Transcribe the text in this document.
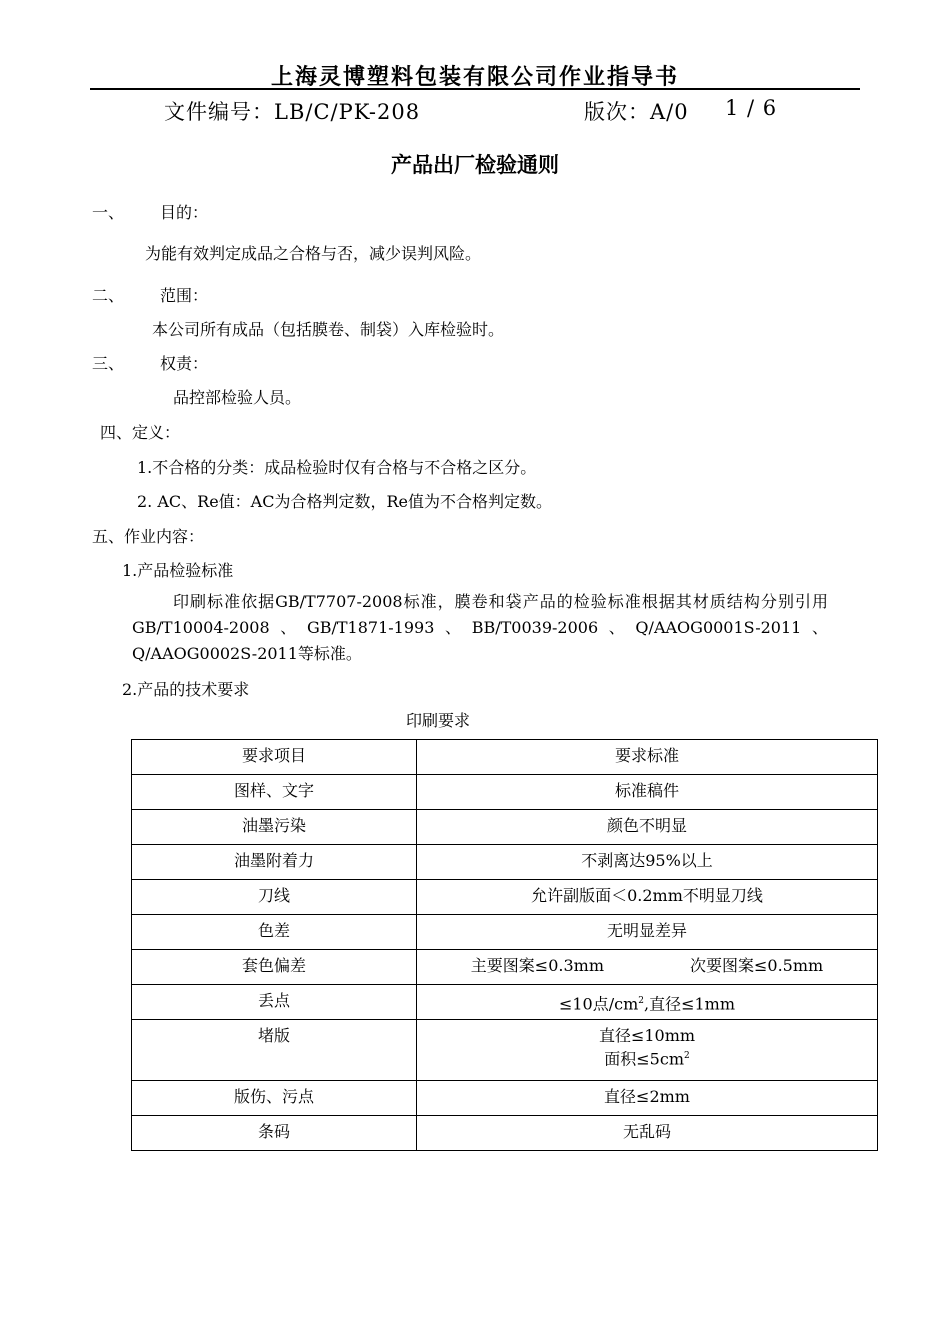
上海灵博塑料包装有限公司作业指导书
文件编号：LB/C/PK-208	版次：A/0 1 / 6
产品出厂检验通则
一、 目的：
为能有效判定成品之合格与否，减少误判风险。
二、 范围：
本公司所有成品（包括膜卷、制袋）入库检验时。
三、 权责：
品控部检验人员。
四、定义：
1.不合格的分类：成品检验时仅有合格与不合格之区分。
2. AC、Re值：AC为合格判定数，Re值为不合格判定数。
五、作业内容：
1.产品检验标准
印刷标准依据GB/T7707-2008标准，膜卷和袋产品的检验标准根据其材质结构分别引用GB/T10004-2008、GB/T1871-1993、BB/T0039-2006、Q/AAOG0001S-2011、Q/AAOG0002S-2011等标准。
2.产品的技术要求
印刷要求
要求项目	要求标准
图样、文字	标准稿件
油墨污染	颜色不明显
油墨附着力	不剥离达95%以上
刀线	允许副版面＜0.2mm不明显刀线
色差	无明显差异
套色偏差	主要图案≤0.3mm 次要图案≤0.5mm
丢点	≤10点$/cm^2$,直径≤1mm
堵版	直径≤10mm
面积$\le 5cm^2$

版伤、污点	直径≤2mm
条码	无乱码
